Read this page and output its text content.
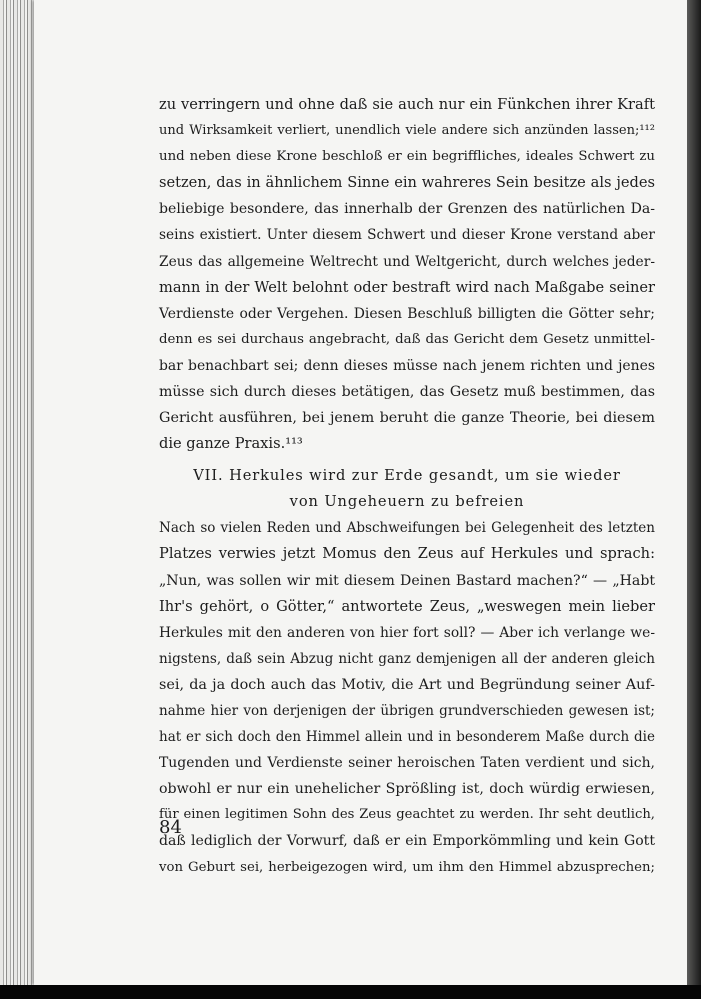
zu verringern und ohne daß sie auch nur ein Fünkchen ihrer Kraft
und Wirksamkeit verliert, unendlich viele andere sich anzünden lassen;¹¹²
und neben diese Krone beschloß er ein begriffliches, ideales Schwert zu
setzen, das in ähnlichem Sinne ein wahreres Sein besitze als jedes
beliebige besondere, das innerhalb der Grenzen des natürlichen Da-
seins existiert. Unter diesem Schwert und dieser Krone verstand aber
Zeus das allgemeine Weltrecht und Weltgericht, durch welches jeder-
mann in der Welt belohnt oder bestraft wird nach Maßgabe seiner
Verdienste oder Vergehen. Diesen Beschluß billigten die Götter sehr;
denn es sei durchaus angebracht, daß das Gericht dem Gesetz unmittel-
bar benachbart sei; denn dieses müsse nach jenem richten und jenes
müsse sich durch dieses betätigen, das Gesetz muß bestimmen, das
Gericht ausführen, bei jenem beruht die ganze Theorie, bei diesem
die ganze Praxis.¹¹³
VII. Herkules wird zur Erde gesandt, um sie wieder
von Ungeheuern zu befreien
Nach so vielen Reden und Abschweifungen bei Gelegenheit des letzten
Platzes verwies jetzt Momus den Zeus auf Herkules und sprach:
„Nun, was sollen wir mit diesem Deinen Bastard machen?“ — „Habt
Ihr's gehört, o Götter,“ antwortete Zeus, „weswegen mein lieber
Herkules mit den anderen von hier fort soll? — Aber ich verlange we-
nigstens, daß sein Abzug nicht ganz demjenigen all der anderen gleich
sei, da ja doch auch das Motiv, die Art und Begründung seiner Auf-
nahme hier von derjenigen der übrigen grundverschieden gewesen ist;
hat er sich doch den Himmel allein und in besonderem Maße durch die
Tugenden und Verdienste seiner heroischen Taten verdient und sich,
obwohl er nur ein unehelicher Sprößling ist, doch würdig erwiesen,
für einen legitimen Sohn des Zeus geachtet zu werden. Ihr seht deutlich,
daß lediglich der Vorwurf, daß er ein Emporkömmling und kein Gott
von Geburt sei, herbeigezogen wird, um ihm den Himmel abzusprechen;
84
